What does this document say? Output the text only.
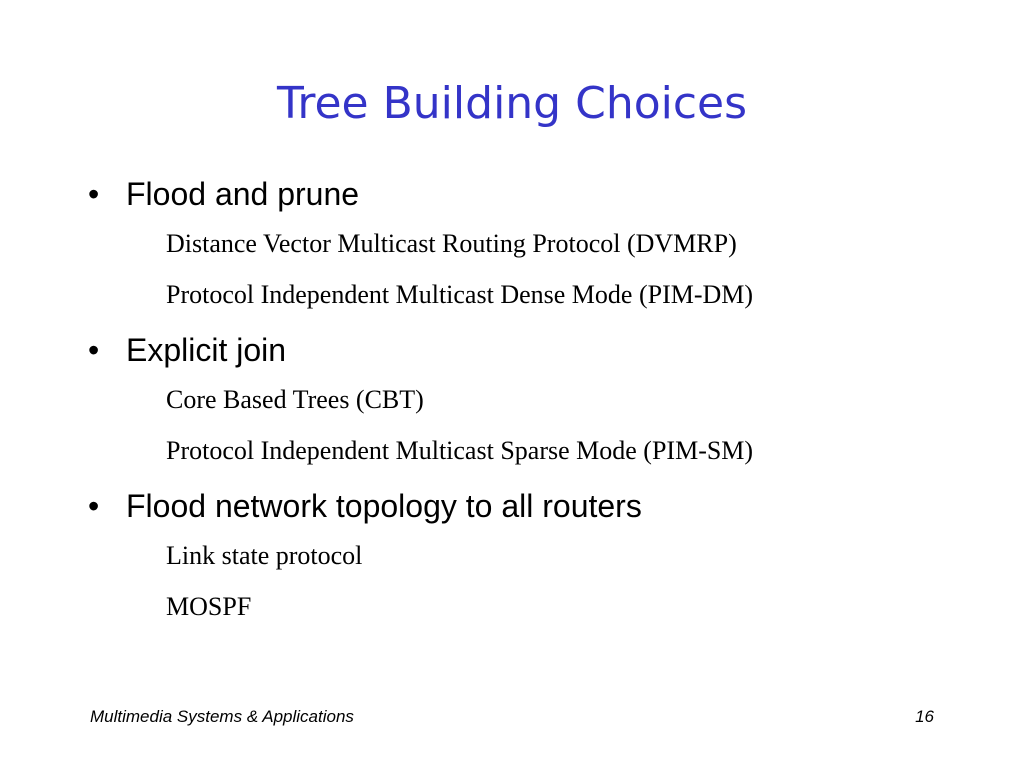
Tree Building Choices
• Flood and prune
Distance Vector Multicast Routing Protocol (DVMRP)
Protocol Independent Multicast Dense Mode (PIM-DM)
• Explicit join
Core Based Trees (CBT)
Protocol Independent Multicast Sparse Mode (PIM-SM)
• Flood network topology to all routers
Link state protocol
MOSPF
Multimedia Systems & Applications	16
